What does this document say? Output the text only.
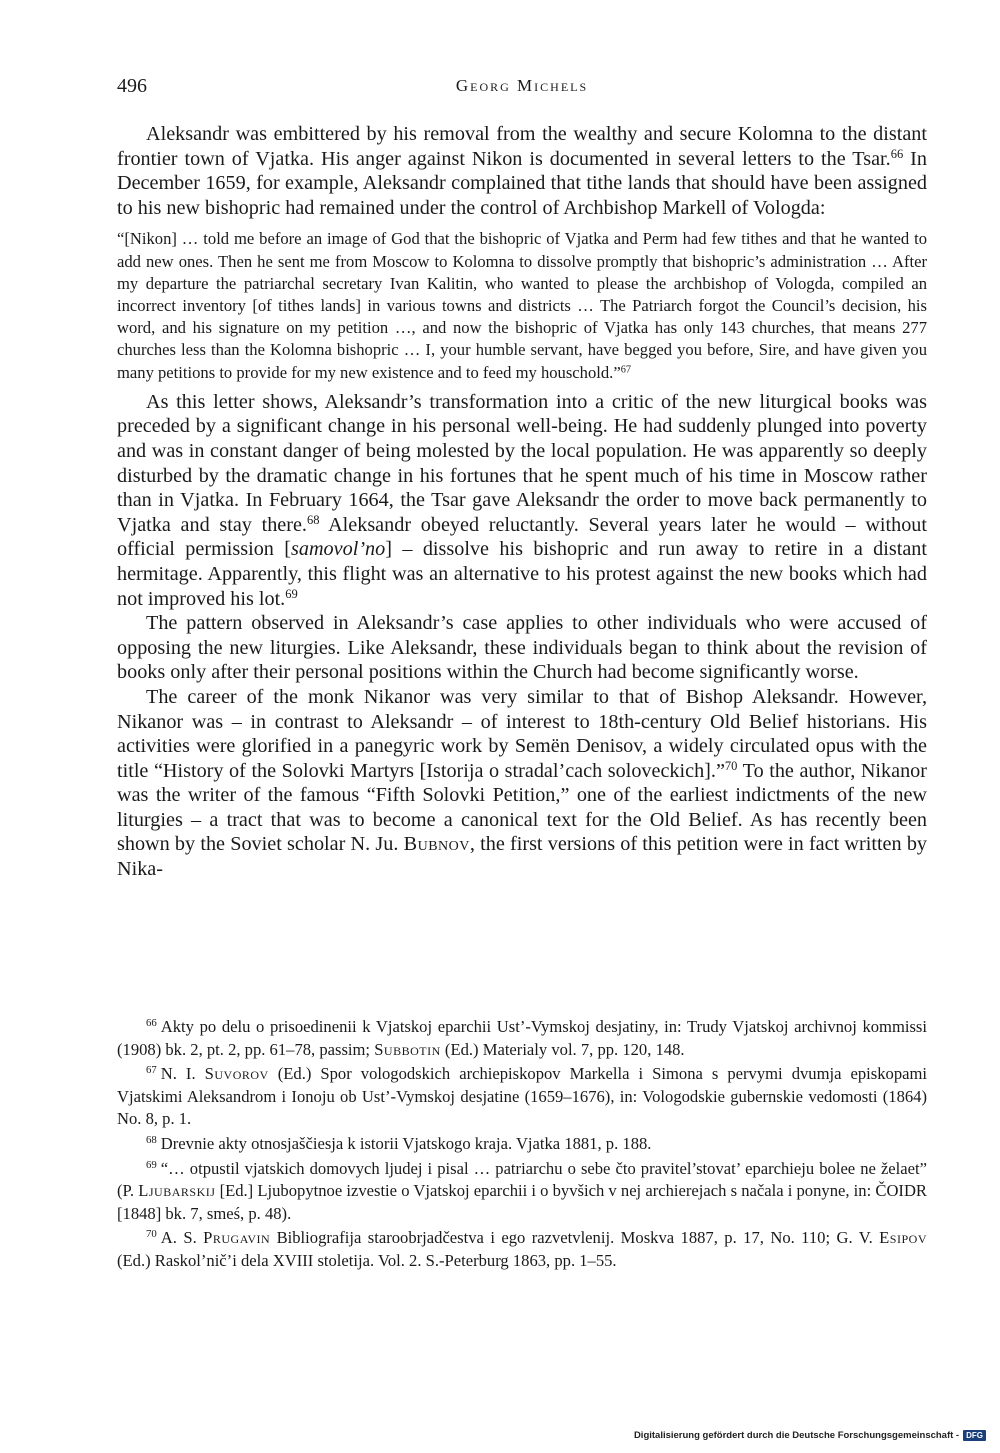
496	Georg Michels

Aleksandr was embittered by his removal from the wealthy and secure Kolomna to the distant frontier town of Vjatka. His anger against Nikon is documented in several letters to the Tsar.$^{66}$ In December 1659, for example, Aleksandr complained that tithe lands that should have been assigned to his new bishopric had remained under the control of Archbishop Markell of Vologda:

“[Nikon] … told me before an image of God that the bishopric of Vjatka and Perm had few tithes and that he wanted to add new ones. Then he sent me from Moscow to Kolomna to dissolve promptly that bishopric’s administration … After my departure the patriarchal secretary Ivan Kalitin, who wanted to please the archbishop of Vologda, compiled an incorrect inventory [of tithes lands] in various towns and districts … The Patriarch forgot the Council’s decision, his word, and his signature on my petition …, and now the bishopric of Vjatka has only 143 churches, that means 277 churches less than the Kolomna bishopric … I, your humble servant, have begged you before, Sire, and have given you many petitions to provide for my new existence and to feed my houschold.”$^{67}$

As this letter shows, Aleksandr’s transformation into a critic of the new liturgical books was preceded by a significant change in his personal well-being. He had suddenly plunged into poverty and was in constant danger of being molested by the local population. He was apparently so deeply disturbed by the dramatic change in his fortunes that he spent much of his time in Moscow rather than in Vjatka. In February 1664, the Tsar gave Aleksandr the order to move back permanently to Vjatka and stay there.$^{68}$ Aleksandr obeyed reluctantly. Several years later he would – without official permission [samovol’no] – dissolve his bishopric and run away to retire in a distant hermitage. Apparently, this flight was an alternative to his protest against the new books which had not improved his lot.$^{69}$

The pattern observed in Aleksandr’s case applies to other individuals who were accused of opposing the new liturgies. Like Aleksandr, these individuals began to think about the revision of books only after their personal positions within the Church had become significantly worse.

The career of the monk Nikanor was very similar to that of Bishop Aleksandr. However, Nikanor was – in contrast to Aleksandr – of interest to 18th-century Old Belief historians. His activities were glorified in a panegyric work by Semën Denisov, a widely circulated opus with the title “History of the Solovki Martyrs [Istorija o stradal’cach soloveckich].”$^{70}$ To the author, Nikanor was the writer of the famous “Fifth Solovki Petition,” one of the earliest indictments of the new liturgies – a tract that was to become a canonical text for the Old Belief. As has recently been shown by the Soviet scholar N. Ju. Bubnov, the first versions of this petition were in fact written by Nika-

$^{66}$ Akty po delu o prisoedinenii k Vjatskoj eparchii Ust’-Vymskoj desjatiny, in: Trudy Vjatskoj archivnoj kommissi (1908) bk. 2, pt. 2, pp. 61–78, passim; Subbotin (Ed.) Materialy vol. 7, pp. 120, 148.
$^{67}$ N. I. Suvorov (Ed.) Spor vologodskich archiepiskopov Markella i Simona s pervymi dvumja episkopami Vjatskimi Aleksandrom i Ionoju ob Ust’-Vymskoj desjatine (1659–1676), in: Vologodskie gubernskie vedomosti (1864) No. 8, p. 1.
$^{68}$ Drevnie akty otnosjaščiesja k istorii Vjatskogo kraja. Vjatka 1881, p. 188.
$^{69}$ “… otpustil vjatskich domovych ljudej i pisal … patriarchu o sebe čto pravitel’stovat’ eparchieju bolee ne želaet” (P. Ljubarskij [Ed.] Ljubopytnoe izvestie o Vjatskoj eparchii i o byvšich v nej archierejach s načala i ponyne, in: ČOIDR [1848] bk. 7, smeś, p. 48).
$^{70}$ A. S. Prugavin Bibliografija staroobrjadčestva i ego razvetvlenij. Moskva 1887, p. 17, No. 110; G. V. Esipov (Ed.) Raskol’nič’i dela XVIII stoletija. Vol. 2. S.-Peterburg 1863, pp. 1–55.
Digitalisierung gefördert durch die Deutsche Forschungsgemeinschaft - DFG
